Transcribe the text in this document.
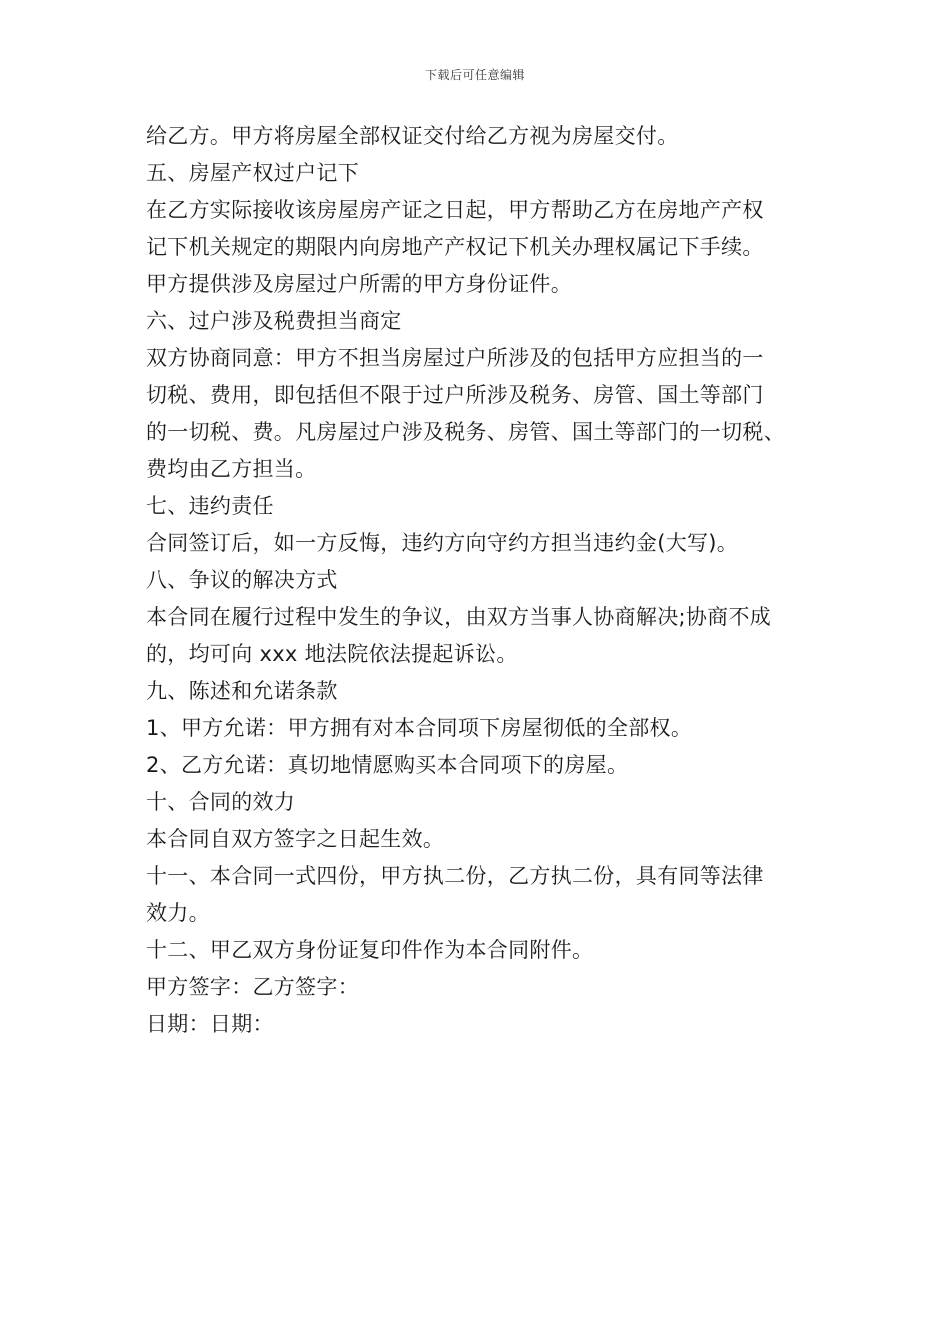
下载后可任意编辑
给乙方。甲方将房屋全部权证交付给乙方视为房屋交付。
五、房屋产权过户记下
在乙方实际接收该房屋房产证之日起，甲方帮助乙方在房地产产权
记下机关规定的期限内向房地产产权记下机关办理权属记下手续。
甲方提供涉及房屋过户所需的甲方身份证件。
六、过户涉及税费担当商定
双方协商同意：甲方不担当房屋过户所涉及的包括甲方应担当的一
切税、费用，即包括但不限于过户所涉及税务、房管、国土等部门
的一切税、费。凡房屋过户涉及税务、房管、国土等部门的一切税、
费均由乙方担当。
七、违约责任
合同签订后，如一方反悔，违约方向守约方担当违约金(大写)。
八、争议的解决方式
本合同在履行过程中发生的争议，由双方当事人协商解决;协商不成
的，均可向 xxx 地法院依法提起诉讼。
九、陈述和允诺条款
1、甲方允诺：甲方拥有对本合同项下房屋彻低的全部权。
2、乙方允诺：真切地情愿购买本合同项下的房屋。
十、合同的效力
本合同自双方签字之日起生效。
十一、本合同一式四份，甲方执二份，乙方执二份，具有同等法律
效力。
十二、甲乙双方身份证复印件作为本合同附件。
甲方签字：乙方签字：
日期：日期：
